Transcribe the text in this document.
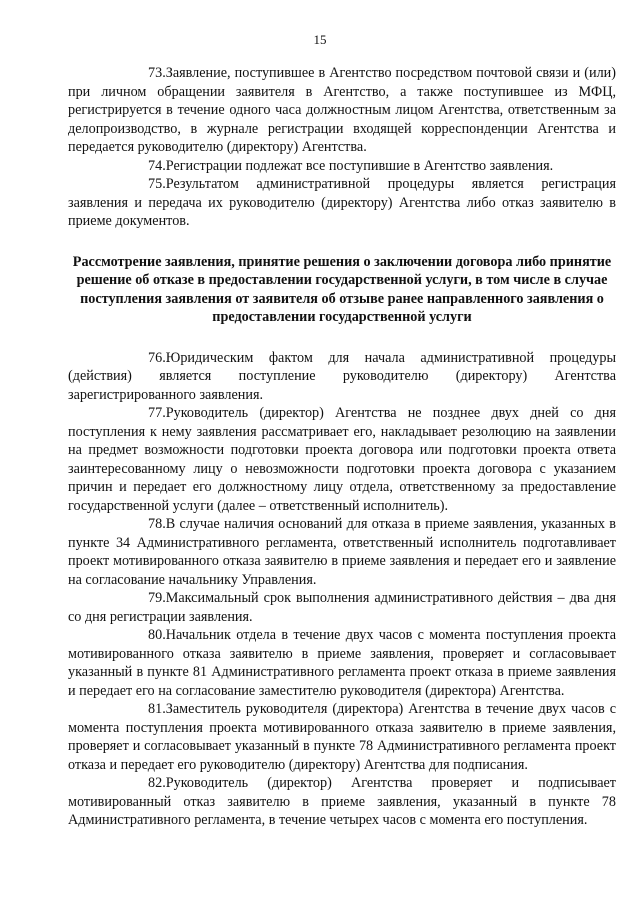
15

73.Заявление, поступившее в Агентство посредством почтовой связи и (или) при личном обращении заявителя в Агентство, а также поступившее из МФЦ, регистрируется в течение одного часа должностным лицом Агентства, ответственным за делопроизводство, в журнале регистрации входящей корреспонденции Агентства и передается руководителю (директору) Агентства.

74.Регистрации подлежат все поступившие в Агентство заявления.

75.Результатом административной процедуры является регистрация заявления и передача их руководителю (директору) Агентства либо отказ заявителю в приеме документов.

Рассмотрение заявления, принятие решения о заключении договора либо принятие решение об отказе в предоставлении государственной услуги, в том числе в случае поступления заявления от заявителя об отзыве ранее направленного заявления о предоставлении государственной услуги

76.Юридическим фактом для начала административной процедуры (действия) является поступление руководителю (директору) Агентства зарегистрированного заявления.

77.Руководитель (директор) Агентства не позднее двух дней со дня поступления к нему заявления рассматривает его, накладывает резолюцию на заявлении на предмет возможности подготовки проекта договора или подготовки проекта ответа заинтересованному лицу о невозможности подготовки проекта договора с указанием причин и передает его должностному лицу отдела, ответственному за предоставление государственной услуги (далее – ответственный исполнитель).

78.В случае наличия оснований для отказа в приеме заявления, указанных в пункте 34 Административного регламента, ответственный исполнитель подготавливает проект мотивированного отказа заявителю в приеме заявления и передает его и заявление на согласование начальнику Управления.

79.Максимальный срок выполнения административного действия – два дня со дня регистрации заявления.

80.Начальник отдела в течение двух часов с момента поступления проекта мотивированного отказа заявителю в приеме заявления, проверяет и согласовывает указанный в пункте 81 Административного регламента проект отказа в приеме заявления и передает его на согласование заместителю руководителя (директора) Агентства.

81.Заместитель руководителя (директора) Агентства в течение двух часов с момента поступления проекта мотивированного отказа заявителю в приеме заявления, проверяет и согласовывает указанный в пункте 78 Административного регламента проект отказа и передает его руководителю (директору) Агентства для подписания.

82.Руководитель (директор) Агентства проверяет и подписывает мотивированный отказ заявителю в приеме заявления, указанный в пункте 78 Административного регламента, в течение четырех часов с момента его поступления.
